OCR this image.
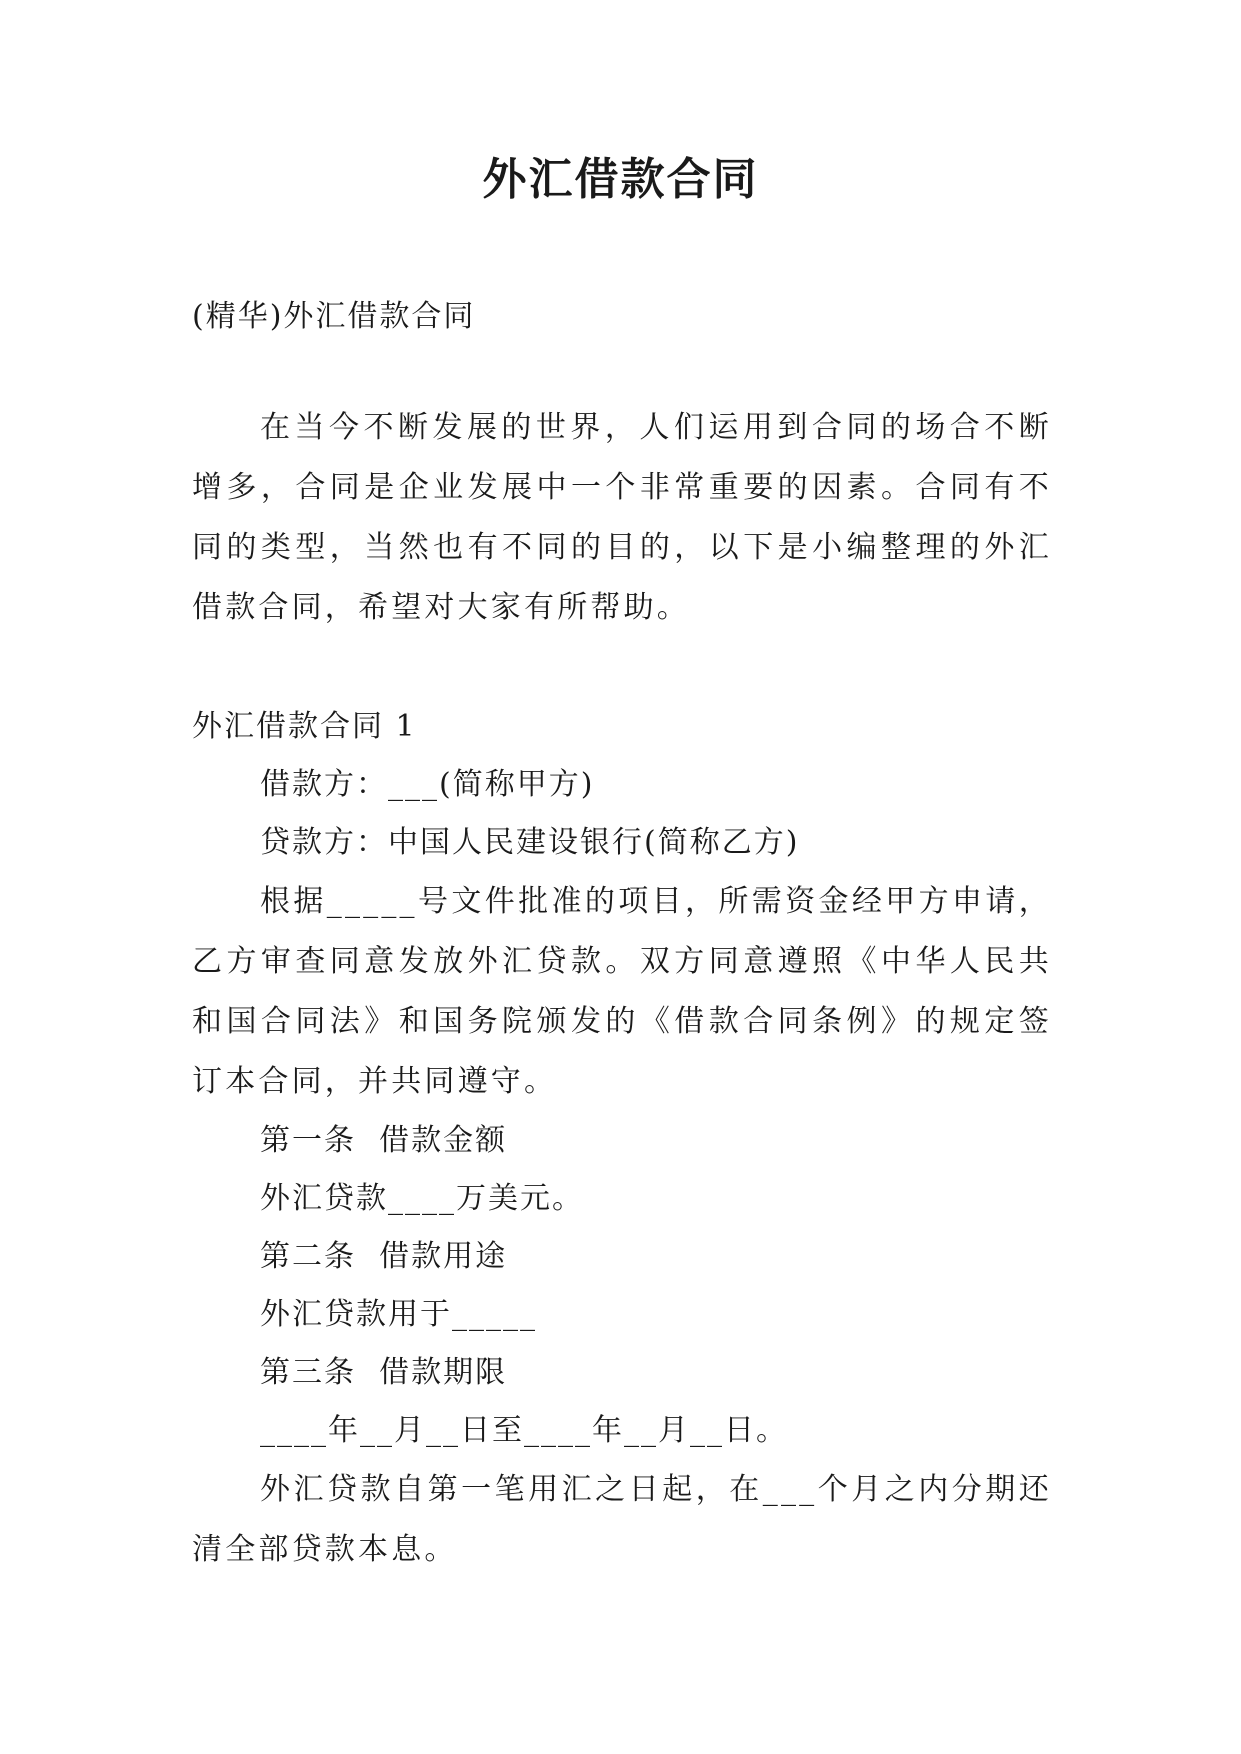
外汇借款合同

(精华)外汇借款合同

在当今不断发展的世界，人们运用到合同的场合不断增多，合同是企业发展中一个非常重要的因素。合同有不同的类型，当然也有不同的目的，以下是小编整理的外汇借款合同，希望对大家有所帮助。

外汇借款合同 1

借款方：___(简称甲方)

贷款方：中国人民建设银行(简称乙方)

根据_____号文件批准的项目，所需资金经甲方申请，乙方审查同意发放外汇贷款。双方同意遵照《中华人民共和国合同法》和国务院颁发的《借款合同条例》的规定签订本合同，并共同遵守。

第一条  借款金额

外汇贷款____万美元。

第二条  借款用途

外汇贷款用于_____

第三条  借款期限

____年__月__日至____年__月__日。

外汇贷款自第一笔用汇之日起，在___个月之内分期还清全部贷款本息。
